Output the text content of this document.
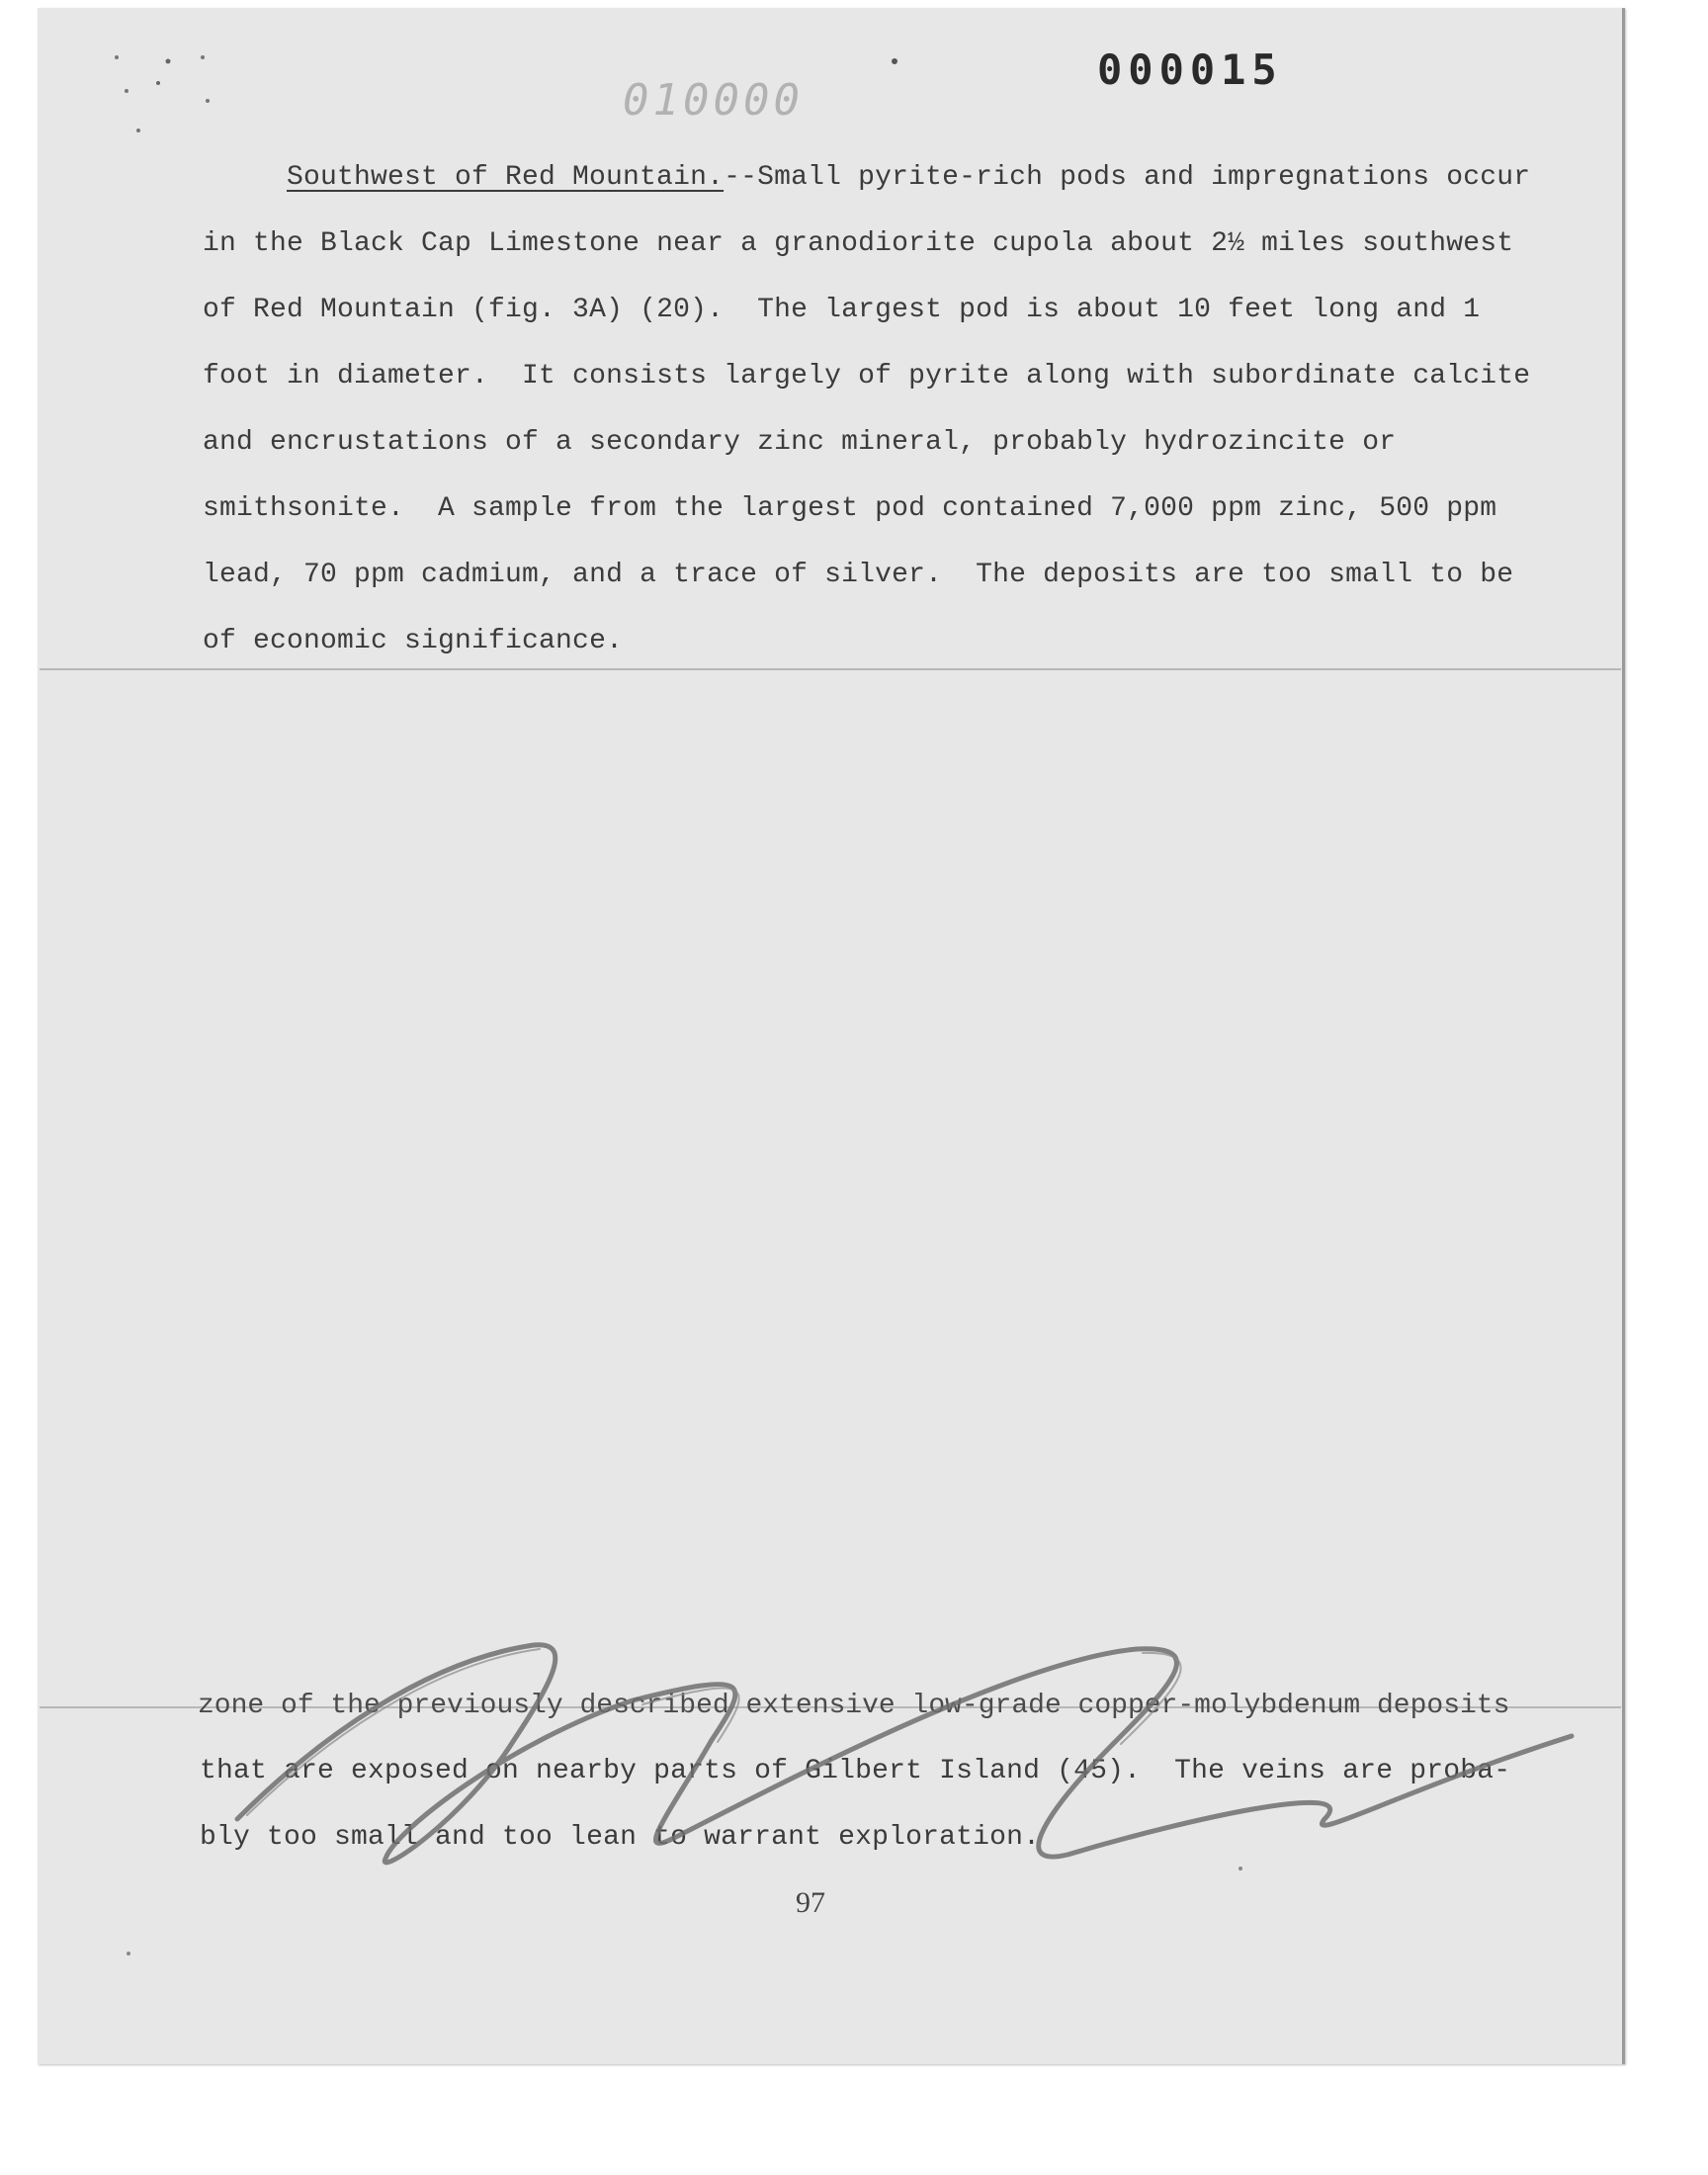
010000
000015
Southwest of Red Mountain.--Small pyrite-rich pods and impregnations occur
in the Black Cap Limestone near a granodiorite cupola about 2½ miles southwest
of Red Mountain (fig. 3A) (20).  The largest pod is about 10 feet long and 1
foot in diameter.  It consists largely of pyrite along with subordinate calcite
and encrustations of a secondary zinc mineral, probably hydrozincite or
smithsonite.  A sample from the largest pod contained 7,000 ppm zinc, 500 ppm
lead, 70 ppm cadmium, and a trace of silver.  The deposits are too small to be
of economic significance.
zone of the previously described extensive low-grade copper-molybdenum deposits
that are exposed on nearby parts of Gilbert Island (45).  The veins are proba-
bly too small and too lean to warrant exploration.
97
